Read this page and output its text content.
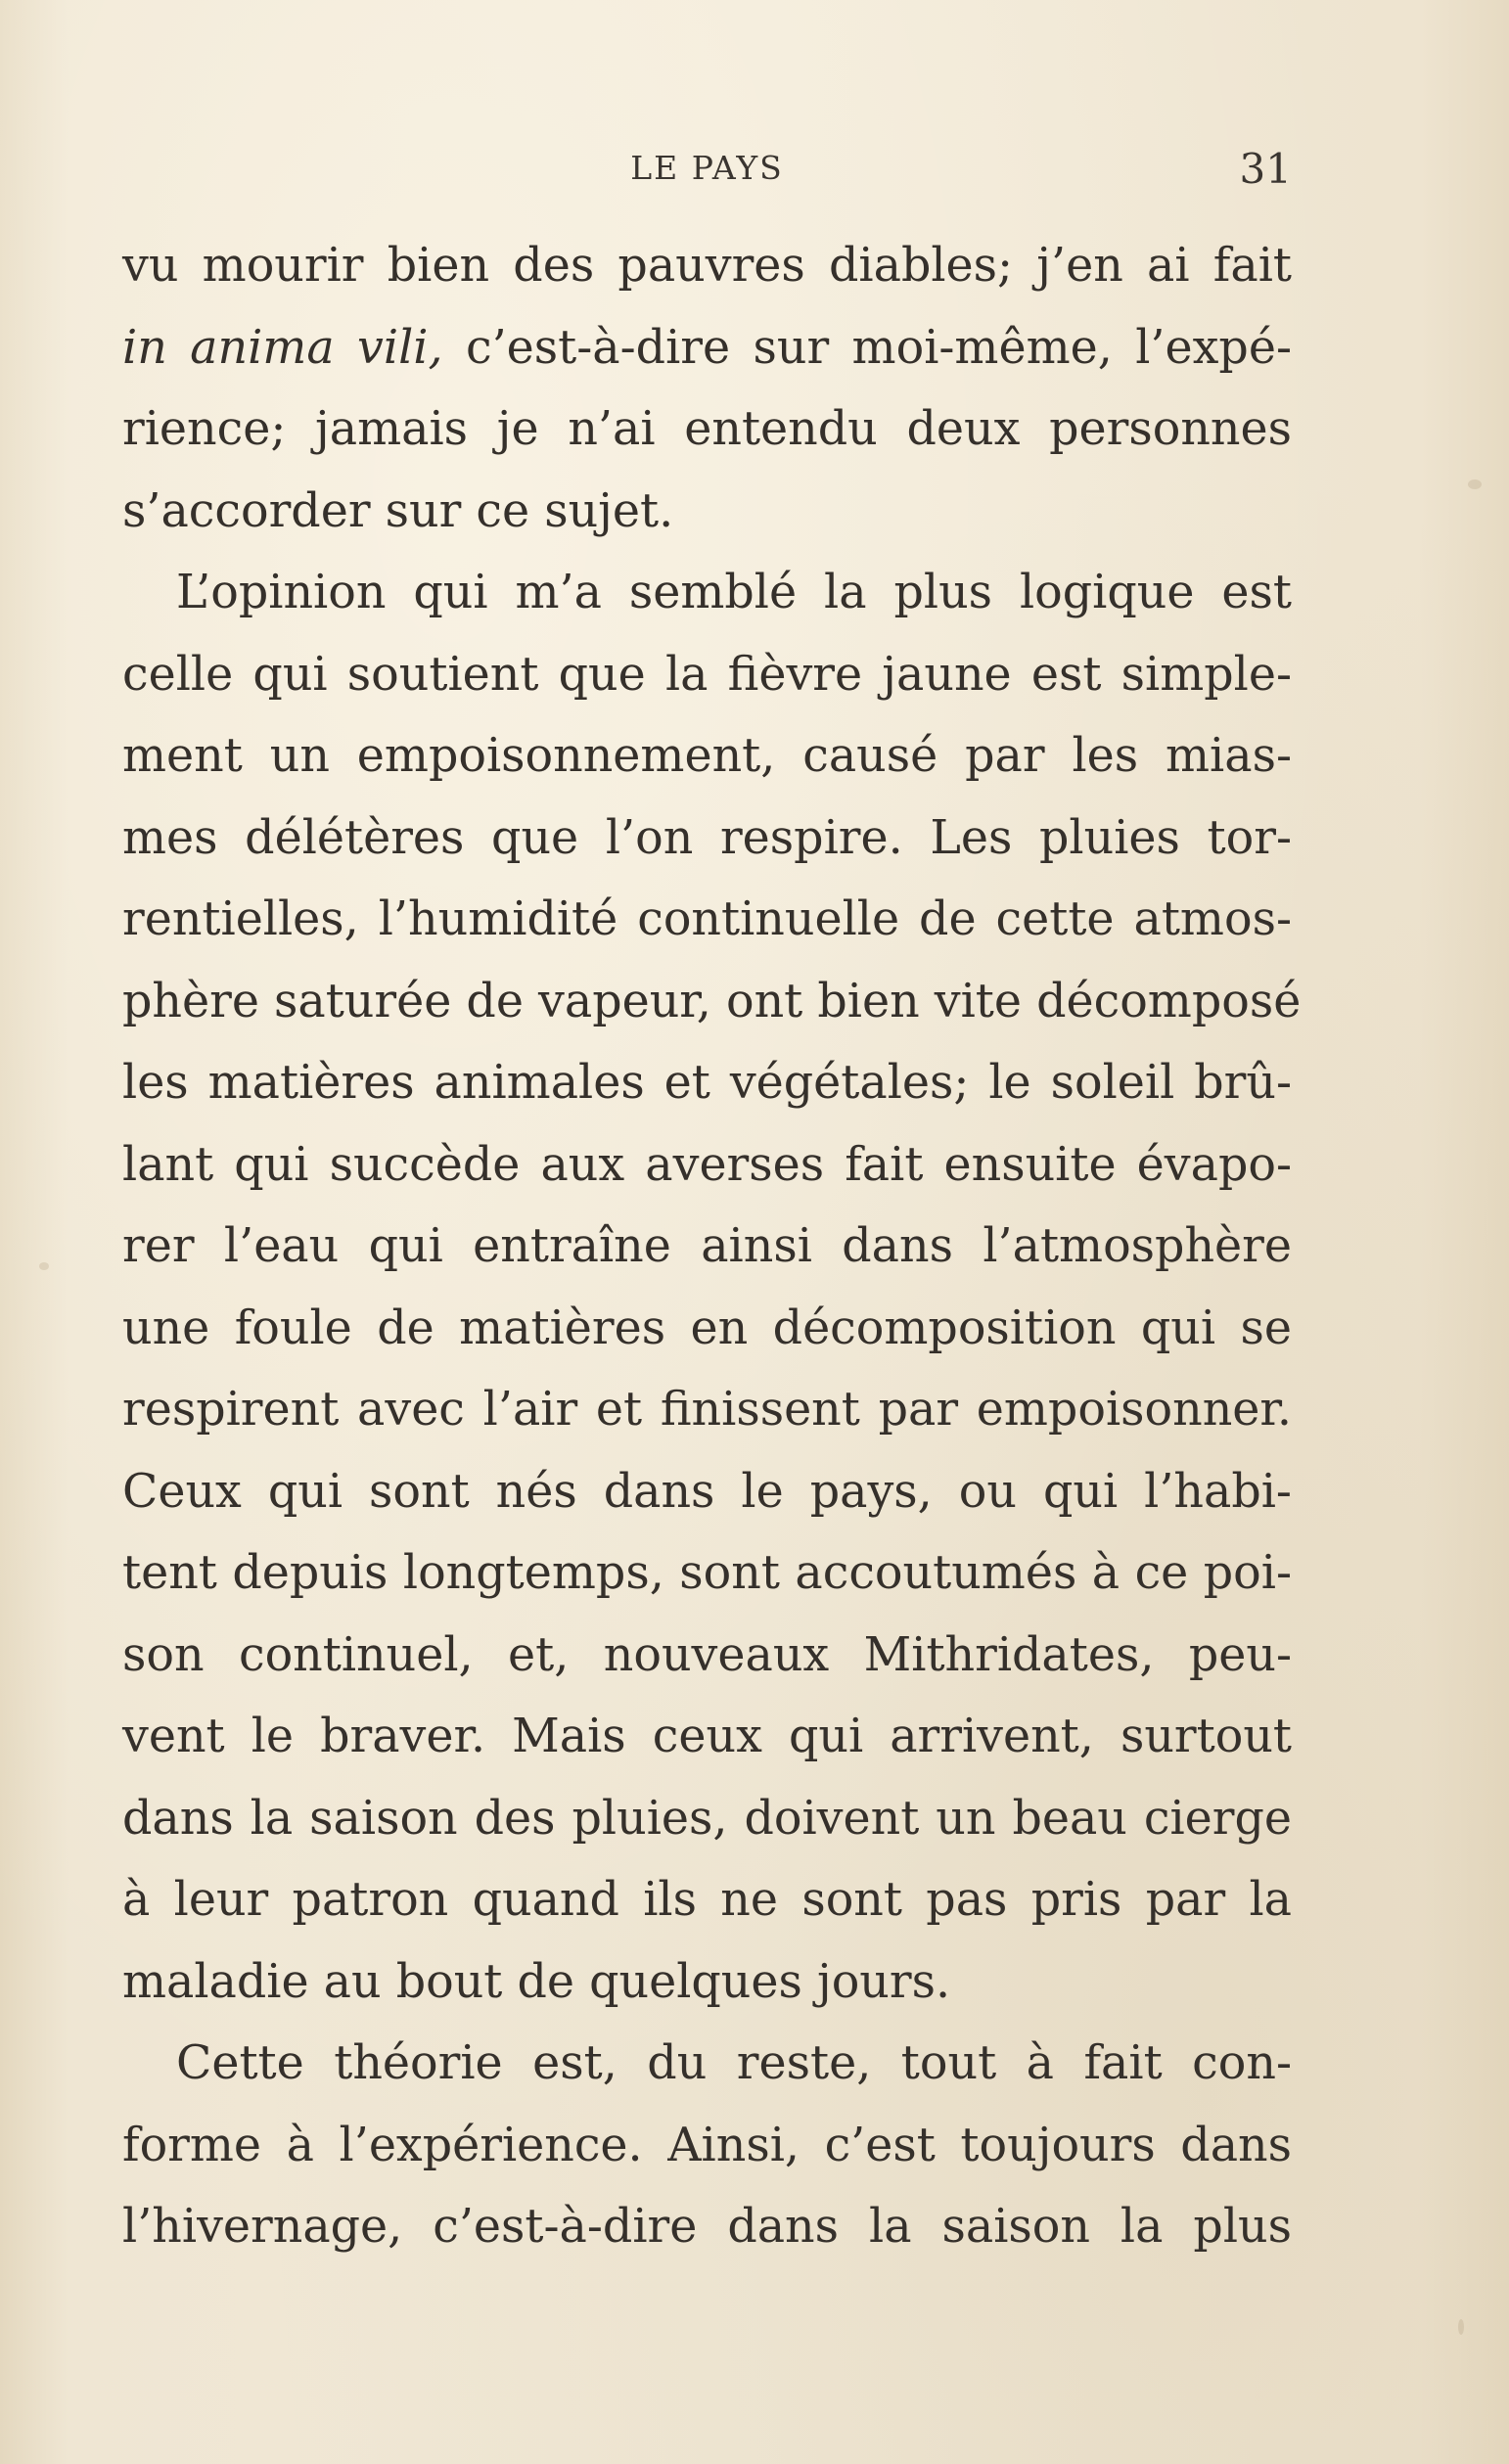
LE PAYS	31
vu mourir bien des pauvres diables; j’en ai fait
in anima vili, c’est-à-dire sur moi-même, l’expé-
rience; jamais je n’ai entendu deux personnes
s’accorder sur ce sujet.
L’opinion qui m’a semblé la plus logique est
celle qui soutient que la fièvre jaune est simple-
ment un empoisonnement, causé par les mias-
mes délétères que l’on respire. Les pluies tor-
rentielles, l’humidité continuelle de cette atmos-
phère saturée de vapeur, ont bien vite décomposé
les matières animales et végétales; le soleil brû-
lant qui succède aux averses fait ensuite évapo-
rer l’eau qui entraîne ainsi dans l’atmosphère
une foule de matières en décomposition qui se
respirent avec l’air et finissent par empoisonner.
Ceux qui sont nés dans le pays, ou qui l’habi-
tent depuis longtemps, sont accoutumés à ce poi-
son continuel, et, nouveaux Mithridates, peu-
vent le braver. Mais ceux qui arrivent, surtout
dans la saison des pluies, doivent un beau cierge
à leur patron quand ils ne sont pas pris par la
maladie au bout de quelques jours.
Cette théorie est, du reste, tout à fait con-
forme à l’expérience. Ainsi, c’est toujours dans
l’hivernage, c’est-à-dire dans la saison la plus
